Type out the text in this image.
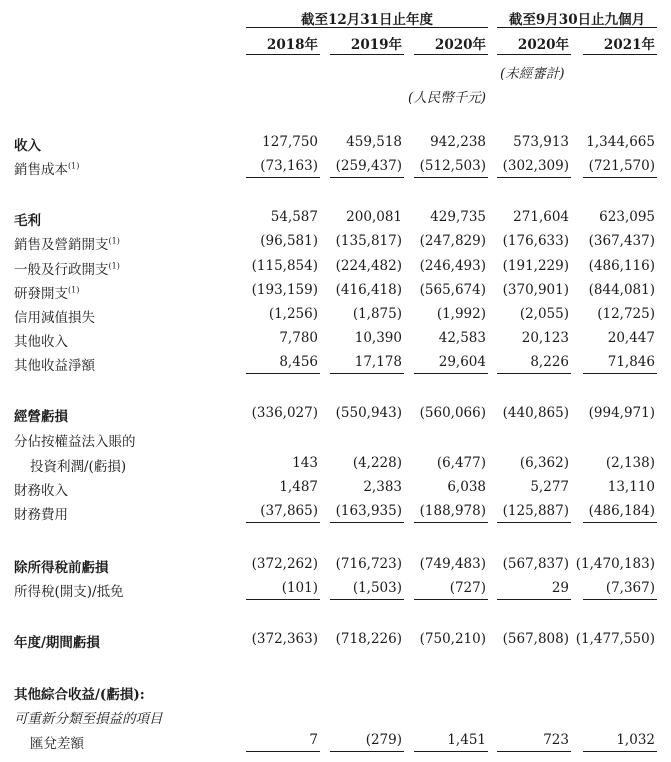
截至12月31日止年度	截至9月30日止九個月
2018年	2019年	2020年	2020年	2021年
(未經審計)
(人民幣千元)
收入	127,750	459,518	942,238	573,913	1,344,665
銷售成本$^{(1)}$	(73,163)	(259,437)	(512,503)	(302,309)	(721,570)
毛利	54,587	200,081	429,735	271,604	623,095
銷售及營銷開支$^{(1)}$	(96,581)	(135,817)	(247,829)	(176,633)	(367,437)
一般及行政開支$^{(1)}$	(115,854)	(224,482)	(246,493)	(191,229)	(486,116)
研發開支$^{(1)}$	(193,159)	(416,418)	(565,674)	(370,901)	(844,081)
信用減值損失	(1,256)	(1,875)	(1,992)	(2,055)	(12,725)
其他收入	7,780	10,390	42,583	20,123	20,447
其他收益淨額	8,456	17,178	29,604	8,226	71,846
經營虧損	(336,027)	(550,943)	(560,066)	(440,865)	(994,971)
分佔按權益法入賬的
投資利潤/(虧損)	143	(4,228)	(6,477)	(6,362)	(2,138)
財務收入	1,487	2,383	6,038	5,277	13,110
財務費用	(37,865)	(163,935)	(188,978)	(125,887)	(486,184)
除所得稅前虧損	(372,262)	(716,723)	(749,483)	(567,837) (1,470,183)
所得稅(開支)/抵免	(101)	(1,503)	(727)	29	(7,367)
年度/期間虧損	(372,363)	(718,226)	(750,210)	(567,808) (1,477,550)
其他綜合收益/(虧損):
可重新分類至損益的項目
匯兌差額	7	(279)	1,451	723	1,032
